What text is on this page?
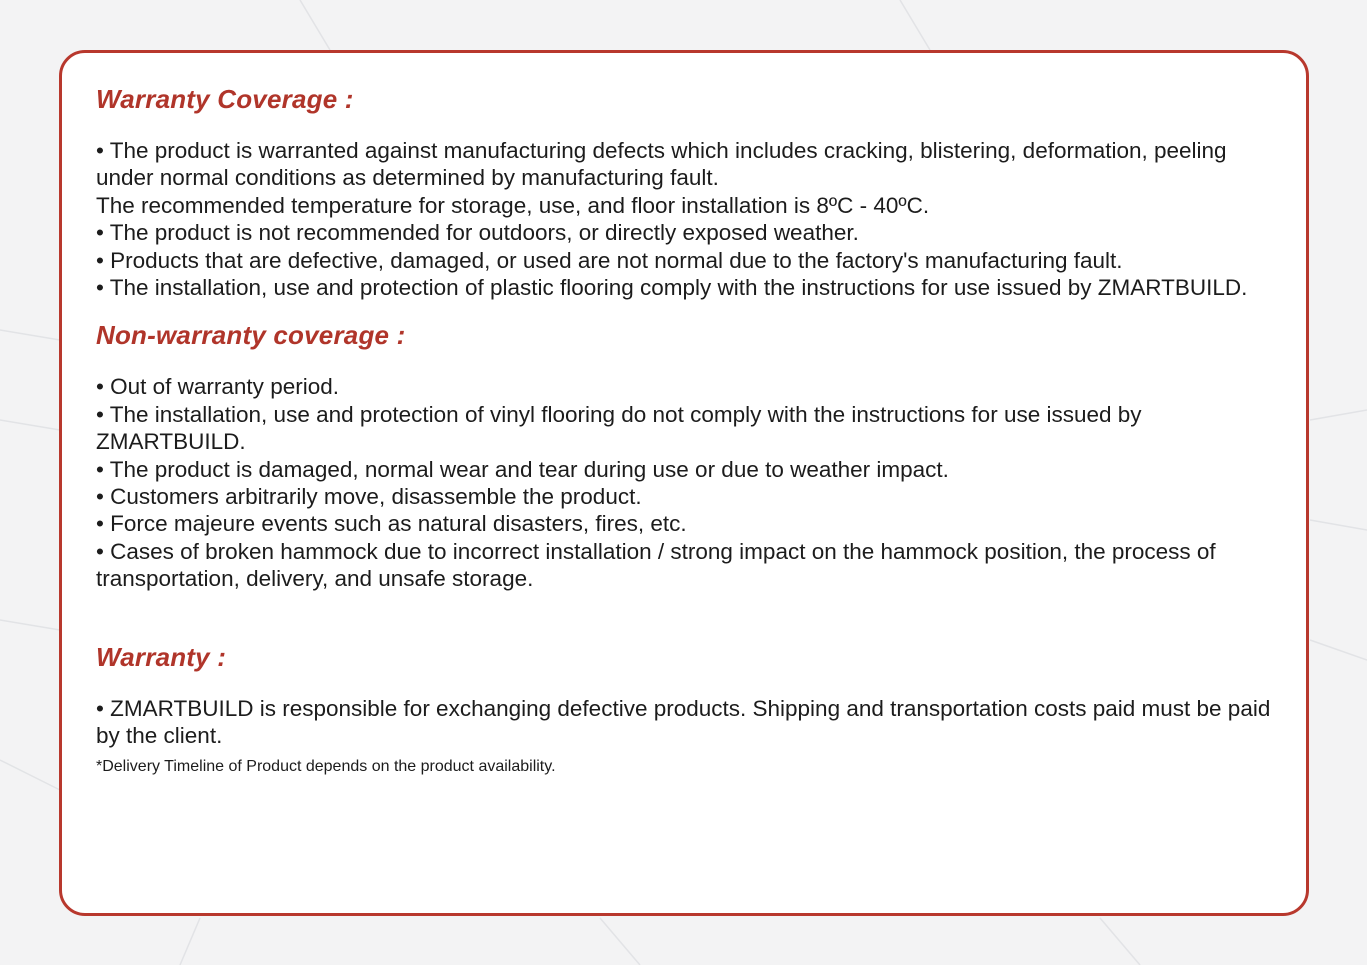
Warranty Coverage :
• The product is warranted against manufacturing defects which includes cracking, blistering, deformation, peeling under normal conditions as determined by manufacturing fault.
The recommended temperature for storage, use, and floor installation is 8ºC - 40ºC.
• The product is not recommended for outdoors, or directly exposed weather.
• Products that are defective, damaged, or used are not normal due to the factory's manufacturing fault.
• The installation, use and protection of plastic flooring comply with the instructions for use issued by ZMARTBUILD.
Non-warranty coverage :
• Out of warranty period.
• The installation, use and protection of vinyl flooring do not comply with the instructions for use issued by ZMARTBUILD.
• The product is damaged, normal wear and tear during use or due to weather impact.
• Customers arbitrarily move, disassemble the product.
• Force majeure events such as natural disasters, fires, etc.
• Cases of broken hammock due to incorrect installation / strong impact on the hammock position, the process of transportation, delivery, and unsafe storage.
Warranty :
• ZMARTBUILD is responsible for exchanging defective products. Shipping and transportation costs paid must be paid by the client.
*Delivery Timeline of Product depends on the product availability.
